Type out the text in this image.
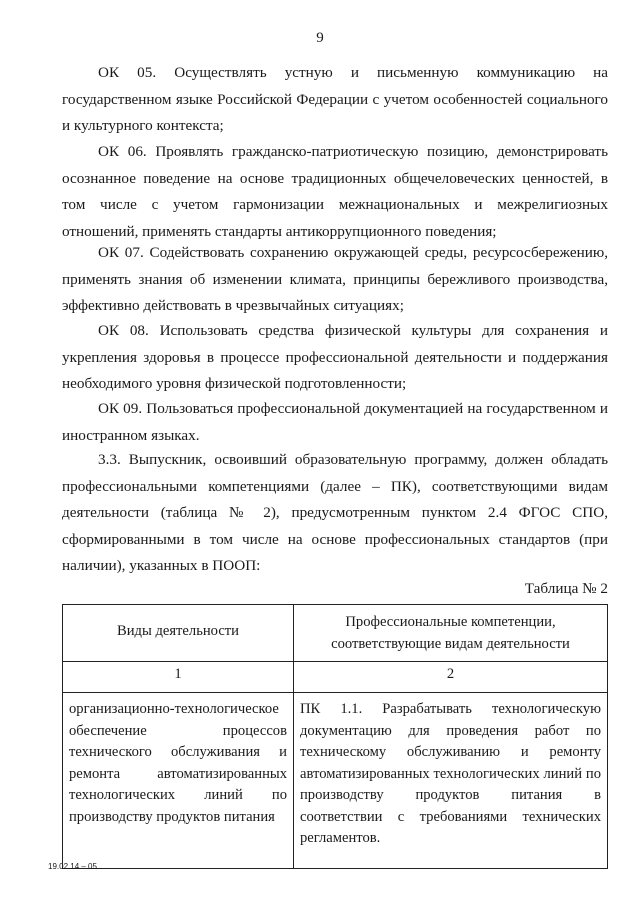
9
ОК 05. Осуществлять устную и письменную коммуникацию на государственном языке Российской Федерации с учетом особенностей социального и культурного контекста;
ОК 06. Проявлять гражданско-патриотическую позицию, демонстрировать осознанное поведение на основе традиционных общечеловеческих ценностей, в том числе с учетом гармонизации межнациональных и межрелигиозных отношений, применять стандарты антикоррупционного поведения;
ОК 07. Содействовать сохранению окружающей среды, ресурсосбережению, применять знания об изменении климата, принципы бережливого производства, эффективно действовать в чрезвычайных ситуациях;
ОК 08. Использовать средства физической культуры для сохранения и укрепления здоровья в процессе профессиональной деятельности и поддержания необходимого уровня физической подготовленности;
ОК 09. Пользоваться профессиональной документацией на государственном и иностранном языках.
3.3. Выпускник, освоивший образовательную программу, должен обладать профессиональными компетенциями (далее – ПК), соответствующими видам деятельности (таблица № 2), предусмотренным пунктом 2.4 ФГОС СПО, сформированными в том числе на основе профессиональных стандартов (при наличии), указанных в ПООП:
Таблица № 2
Виды деятельности	Профессиональные компетенции, соответствующие видам деятельности
1	2
организационно-технологическое обеспечение процессов технического обслуживания и ремонта автоматизированных технологических линий по производству продуктов питания	ПК 1.1. Разрабатывать технологическую документацию для проведения работ по техническому обслуживанию и ремонту автоматизированных технологических линий по производству продуктов питания в соответствии с требованиями технических регламентов.
19.02.14 – 05
